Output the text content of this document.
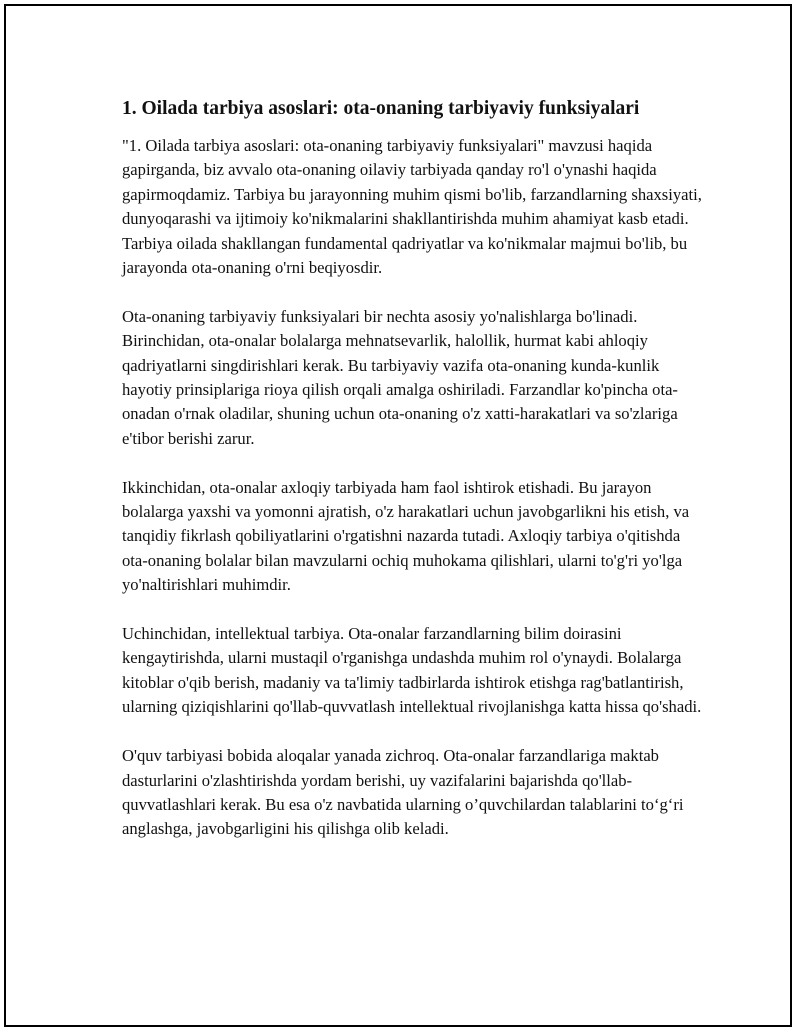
1. Oilada tarbiya asoslari: ota-onaning tarbiyaviy funksiyalari

"1. Oilada tarbiya asoslari: ota-onaning tarbiyaviy funksiyalari" mavzusi haqida gapirganda, biz avvalo ota-onaning oilaviy tarbiyada qanday ro'l o'ynashi haqida gapirmoqdamiz. Tarbiya bu jarayonning muhim qismi bo'lib, farzandlarning shaxsiyati, dunyoqarashi va ijtimoiy ko'nikmalarini shakllantirishda muhim ahamiyat kasb etadi. Tarbiya oilada shakllangan fundamental qadriyatlar va ko'nikmalar majmui bo'lib, bu jarayonda ota-onaning o'rni beqiyosdir.

Ota-onaning tarbiyaviy funksiyalari bir nechta asosiy yo'nalishlarga bo'linadi. Birinchidan, ota-onalar bolalarga mehnatsevarlik, halollik, hurmat kabi ahloqiy qadriyatlarni singdirishlari kerak. Bu tarbiyaviy vazifa ota-onaning kunda-kunlik hayotiy prinsiplariga rioya qilish orqali amalga oshiriladi. Farzandlar ko'pincha ota-onadan o'rnak oladilar, shuning uchun ota-onaning o'z xatti-harakatlari va so'zlariga e'tibor berishi zarur.

Ikkinchidan, ota-onalar axloqiy tarbiyada ham faol ishtirok etishadi. Bu jarayon bolalarga yaxshi va yomonni ajratish, o'z harakatlari uchun javobgarlikni his etish, va tanqidiy fikrlash qobiliyatlarini o'rgatishni nazarda tutadi. Axloqiy tarbiya o'qitishda ota-onaning bolalar bilan mavzularni ochiq muhokama qilishlari, ularni to'g'ri yo'lga yo'naltirishlari muhimdir.

Uchinchidan, intellektual tarbiya. Ota-onalar farzandlarning bilim doirasini kengaytirishda, ularni mustaqil o'rganishga undashda muhim rol o'ynaydi. Bolalarga kitoblar o'qib berish, madaniy va ta'limiy tadbirlarda ishtirok etishga rag'batlantirish, ularning qiziqishlarini qo'llab-quvvatlash intellektual rivojlanishga katta hissa qo'shadi.

O'quv tarbiyasi bobida aloqalar yanada zichroq. Ota-onalar farzandlariga maktab dasturlarini o'zlashtirishda yordam berishi, uy vazifalarini bajarishda qo'llab-quvvatlashlari kerak. Bu esa o'z navbatida ularning o’quvchilardan talablarini to‘g‘ri anglashga, javobgarligini his qilishga olib keladi.
